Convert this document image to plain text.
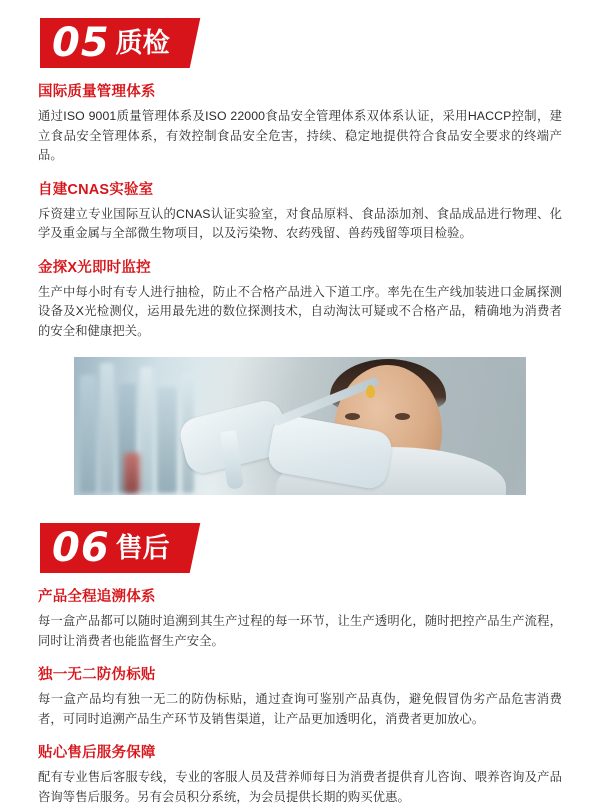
05 质检
国际质量管理体系
通过ISO 9001质量管理体系及ISO 22000食品安全管理体系双体系认证，采用HACCP控制，建立食品安全管理体系，有效控制食品安全危害，持续、稳定地提供符合食品安全要求的终端产品。
自建CNAS实验室
斥资建立专业国际互认的CNAS认证实验室，对食品原料、食品添加剂、食品成品进行物理、化学及重金属与全部微生物项目，以及污染物、农药残留、兽药残留等项目检验。
金探X光即时监控
生产中每小时有专人进行抽检，防止不合格产品进入下道工序。率先在生产线加装进口金属探测设备及X光检测仪，运用最先进的数位探测技术，自动淘汰可疑或不合格产品，精确地为消费者的安全和健康把关。
06 售后
产品全程追溯体系
每一盒产品都可以随时追溯到其生产过程的每一环节，让生产透明化，随时把控产品生产流程，同时让消费者也能监督生产安全。
独一无二防伪标贴
每一盒产品均有独一无二的防伪标贴，通过查询可鉴别产品真伪，避免假冒伪劣产品危害消费者，可同时追溯产品生产环节及销售渠道，让产品更加透明化，消费者更加放心。
贴心售后服务保障
配有专业售后客服专线，专业的客服人员及营养师每日为消费者提供育儿咨询、喂养咨询及产品咨询等售后服务。另有会员积分系统，为会员提供长期的购买优惠。
